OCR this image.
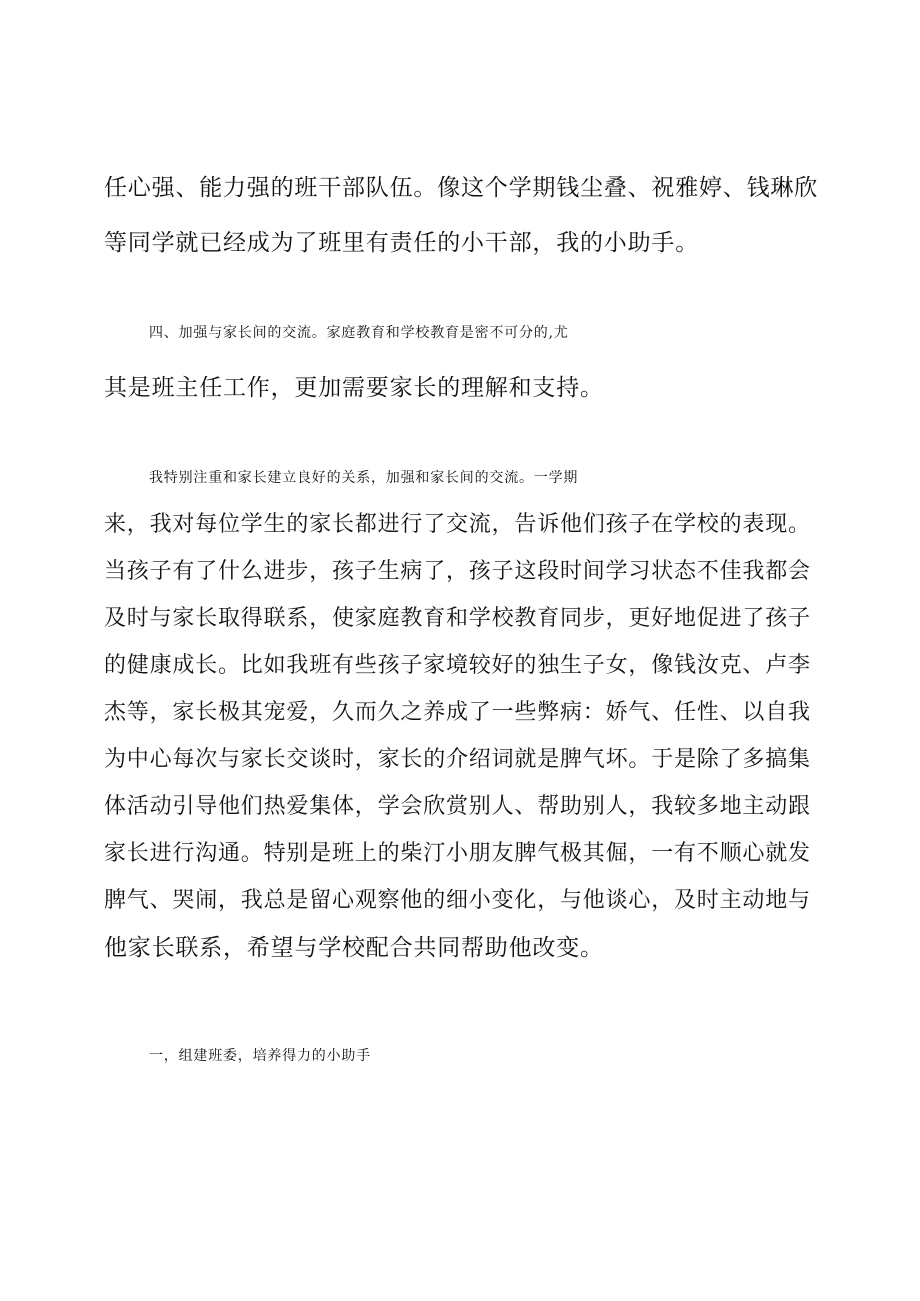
任心强、能力强的班干部队伍。像这个学期钱尘叠、祝雅婷、钱琳欣
等同学就已经成为了班里有责任的小干部，我的小助手。
四、加强与家长间的交流。家庭教育和学校教育是密不可分的,尤
其是班主任工作，更加需要家长的理解和支持。
我特别注重和家长建立良好的关系，加强和家长间的交流。一学期
来，我对每位学生的家长都进行了交流，告诉他们孩子在学校的表现。
当孩子有了什么进步，孩子生病了，孩子这段时间学习状态不佳我都会
及时与家长取得联系，使家庭教育和学校教育同步，更好地促进了孩子
的健康成长。比如我班有些孩子家境较好的独生子女，像钱汝克、卢李
杰等，家长极其宠爱，久而久之养成了一些弊病：娇气、任性、以自我
为中心每次与家长交谈时，家长的介绍词就是脾气坏。于是除了多搞集
体活动引导他们热爱集体，学会欣赏别人、帮助别人，我较多地主动跟
家长进行沟通。特别是班上的柴汀小朋友脾气极其倔，一有不顺心就发
脾气、哭闹，我总是留心观察他的细小变化，与他谈心，及时主动地与
他家长联系，希望与学校配合共同帮助他改变。
一，组建班委，培养得力的小助手
